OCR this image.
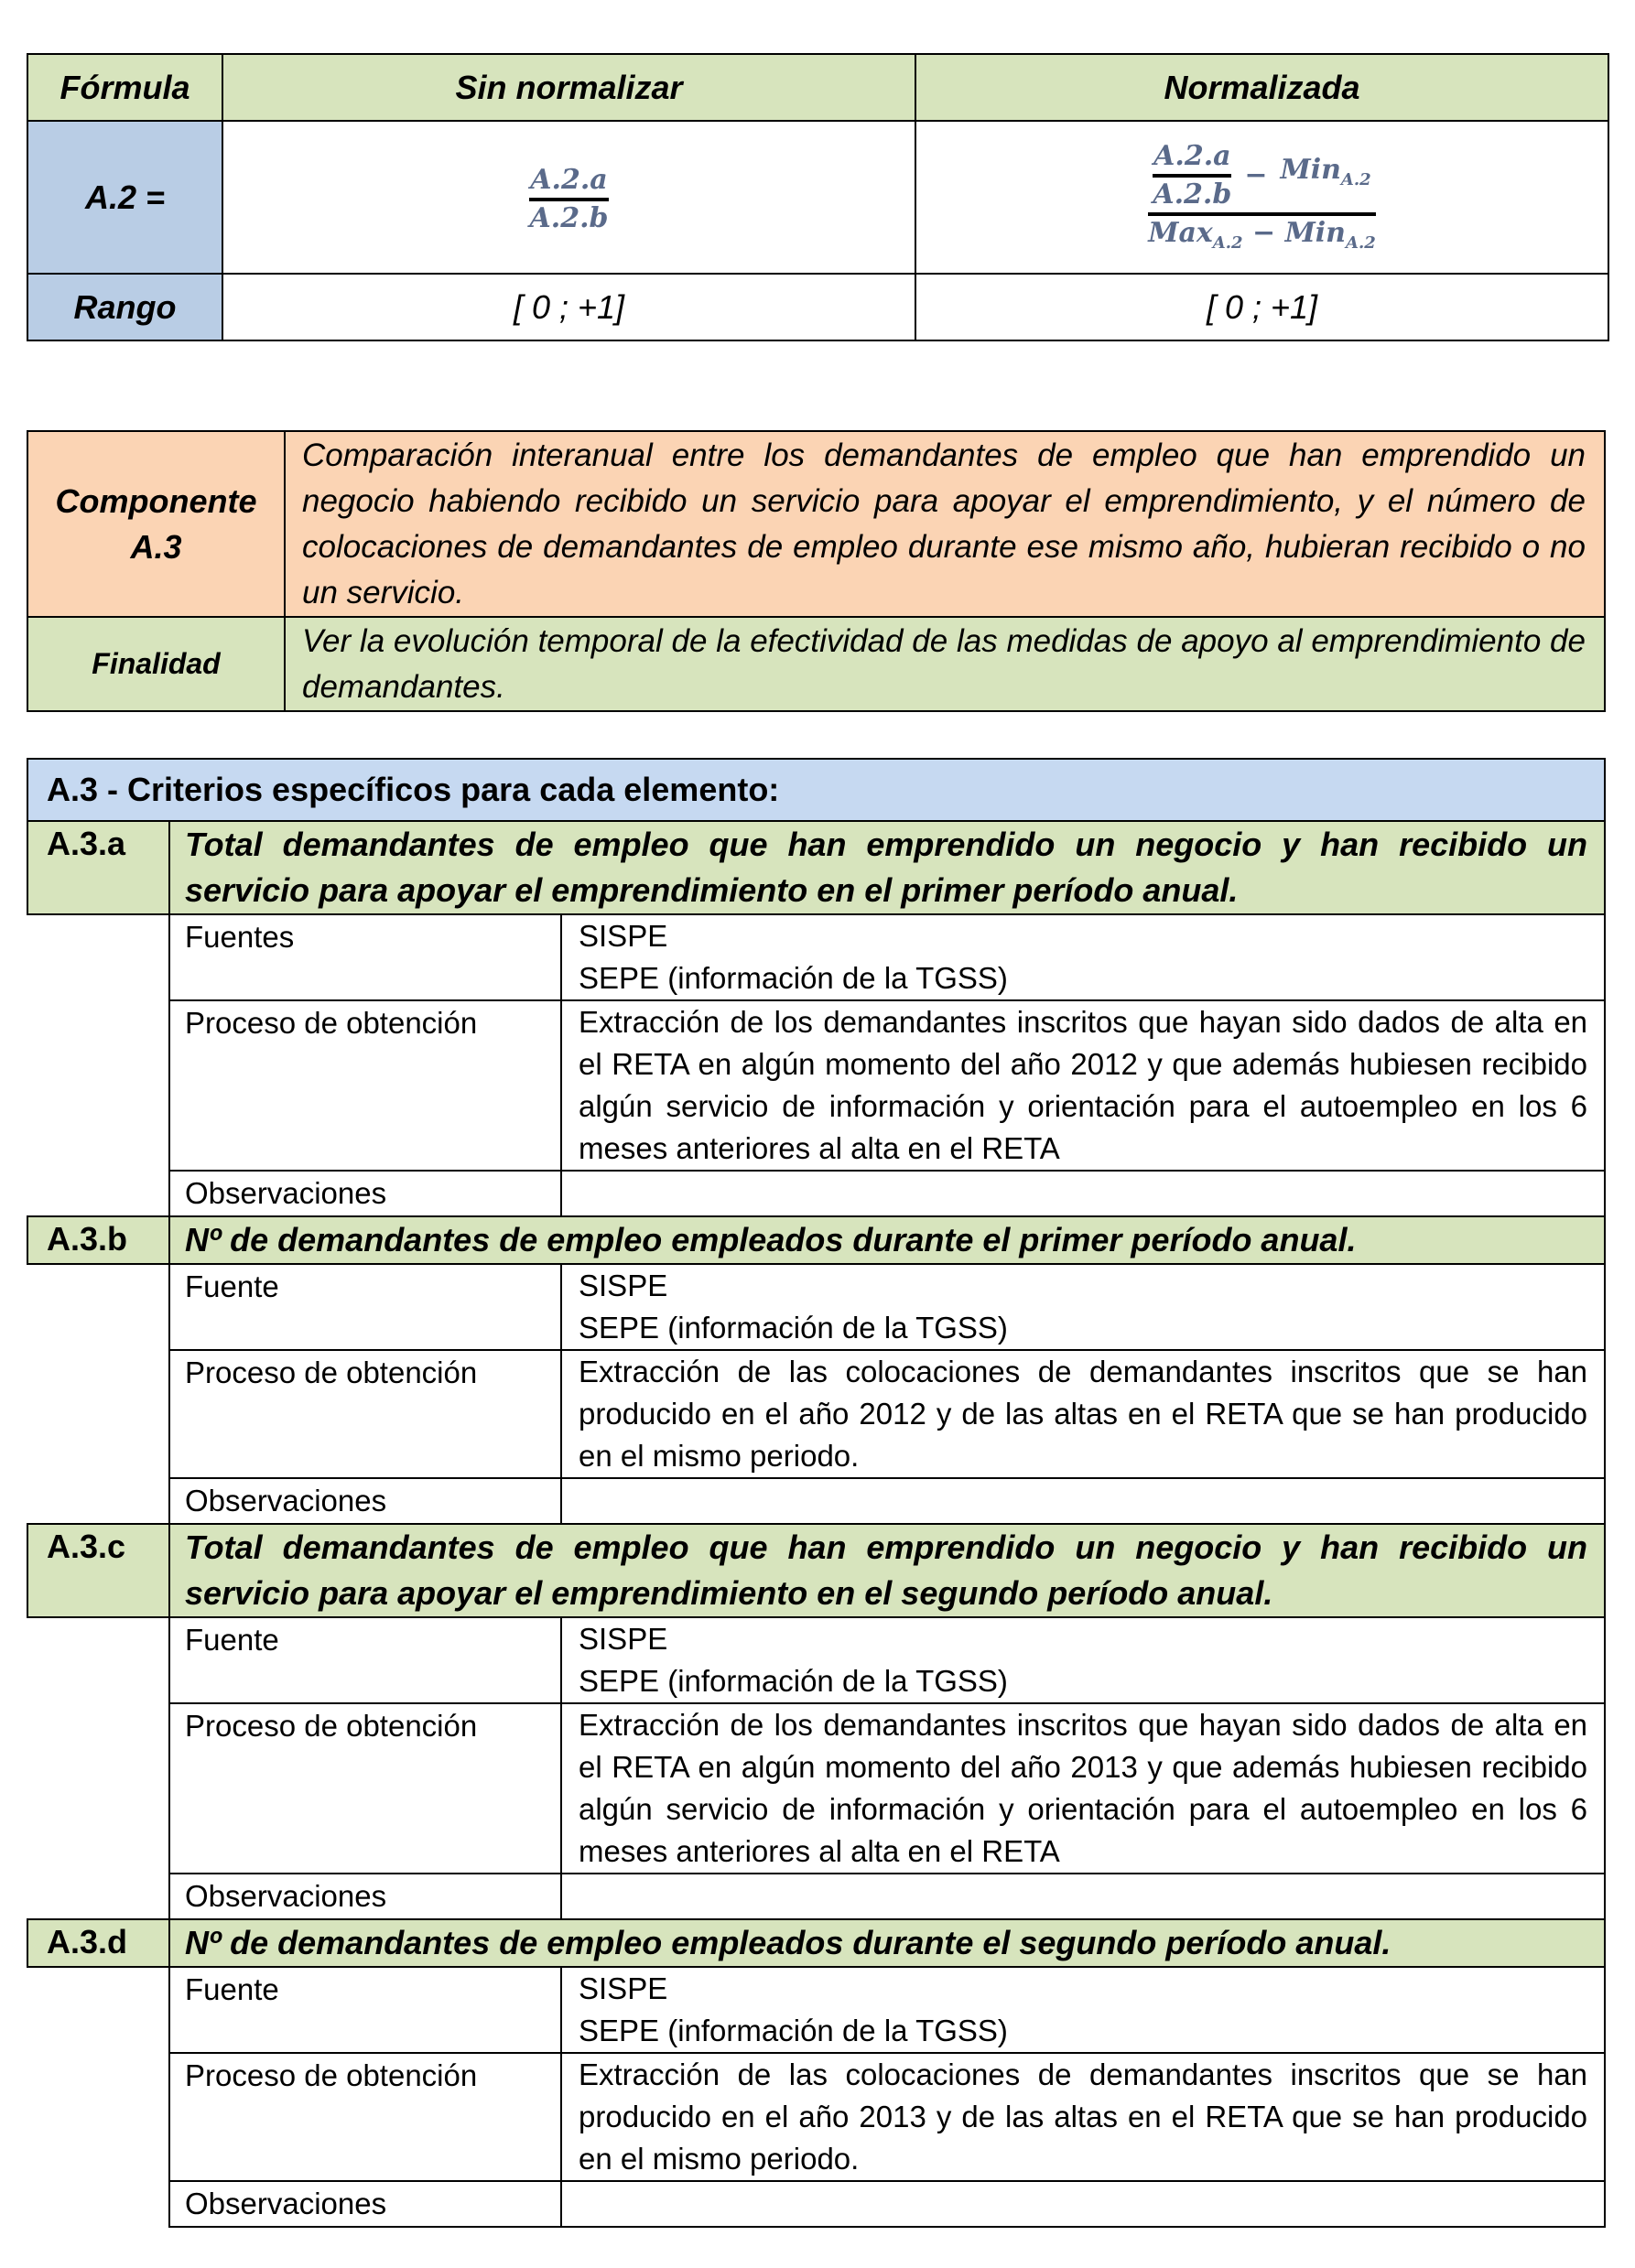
Fórmula	Sin normalizar	Normalizada
A.2 =	$\frac{A.2.a}{A.2.b}$	$\frac{A.2.a}{A.2.b} - Min_{A.2}$
Max$_{A.2}$ − Min$_{A.2}$

Rango	[ 0 ; +1]	[ 0 ; +1]
Componente
A.3	Comparación interanual entre los demandantes de empleo que han emprendido un negocio habiendo recibido un servicio para apoyar el emprendimiento, y el número de colocaciones de demandantes de empleo durante ese mismo año, hubieran recibido o no un servicio.
Finalidad	Ver la evolución temporal de la efectividad de las medidas de apoyo al emprendimiento de demandantes.
A.3 - Criterios específicos para cada elemento:		
A.3.a	Total demandantes de empleo que han emprendido un negocio y han recibido un servicio para apoyar el emprendimiento en el primer período anual.	
	Fuentes	SISPE
SEPE (información de la TGSS)

	Proceso de obtención	Extracción de los demandantes inscritos que hayan sido dados de alta en el RETA en algún momento del año 2012 y que además hubiesen recibido algún servicio de información y orientación para el autoempleo en los 6 meses anteriores al alta en el RETA
	Observaciones	
A.3.b	Nº de demandantes de empleo empleados durante el primer período anual.	
	Fuente	SISPE
SEPE (información de la TGSS)

	Proceso de obtención	Extracción de las colocaciones de demandantes inscritos que se han producido en el año 2012 y de las altas en el RETA que se han producido en el mismo periodo.
	Observaciones	
A.3.c	Total demandantes de empleo que han emprendido un negocio y han recibido un servicio para apoyar el emprendimiento en el segundo período anual.	
	Fuente	SISPE
SEPE (información de la TGSS)

	Proceso de obtención	Extracción de los demandantes inscritos que hayan sido dados de alta en el RETA en algún momento del año 2013 y que además hubiesen recibido algún servicio de información y orientación para el autoempleo en los 6 meses anteriores al alta en el RETA
	Observaciones	
A.3.d	Nº de demandantes de empleo empleados durante el segundo período anual.	
	Fuente	SISPE
SEPE (información de la TGSS)

	Proceso de obtención	Extracción de las colocaciones de demandantes inscritos que se han producido en el año 2013 y de las altas en el RETA que se han producido en el mismo periodo.
	Observaciones	
